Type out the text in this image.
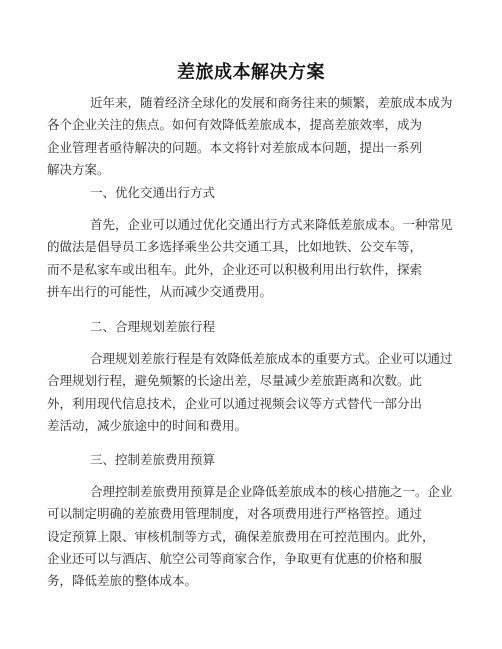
差旅成本解决方案
近年来，随着经济全球化的发展和商务往来的频繁，差旅成本成为
各个企业关注的焦点。如何有效降低差旅成本，提高差旅效率，成为
企业管理者亟待解决的问题。本文将针对差旅成本问题，提出一系列
解决方案。
一、优化交通出行方式
首先，企业可以通过优化交通出行方式来降低差旅成本。一种常见
的做法是倡导员工多选择乘坐公共交通工具，比如地铁、公交车等，
而不是私家车或出租车。此外，企业还可以积极利用出行软件，探索
拼车出行的可能性，从而减少交通费用。
二、合理规划差旅行程
合理规划差旅行程是有效降低差旅成本的重要方式。企业可以通过
合理规划行程，避免频繁的长途出差，尽量减少差旅距离和次数。此
外，利用现代信息技术，企业可以通过视频会议等方式替代一部分出
差活动，减少旅途中的时间和费用。
三、控制差旅费用预算
合理控制差旅费用预算是企业降低差旅成本的核心措施之一。企业
可以制定明确的差旅费用管理制度，对各项费用进行严格管控。通过
设定预算上限、审核机制等方式，确保差旅费用在可控范围内。此外，
企业还可以与酒店、航空公司等商家合作，争取更有优惠的价格和服
务，降低差旅的整体成本。
